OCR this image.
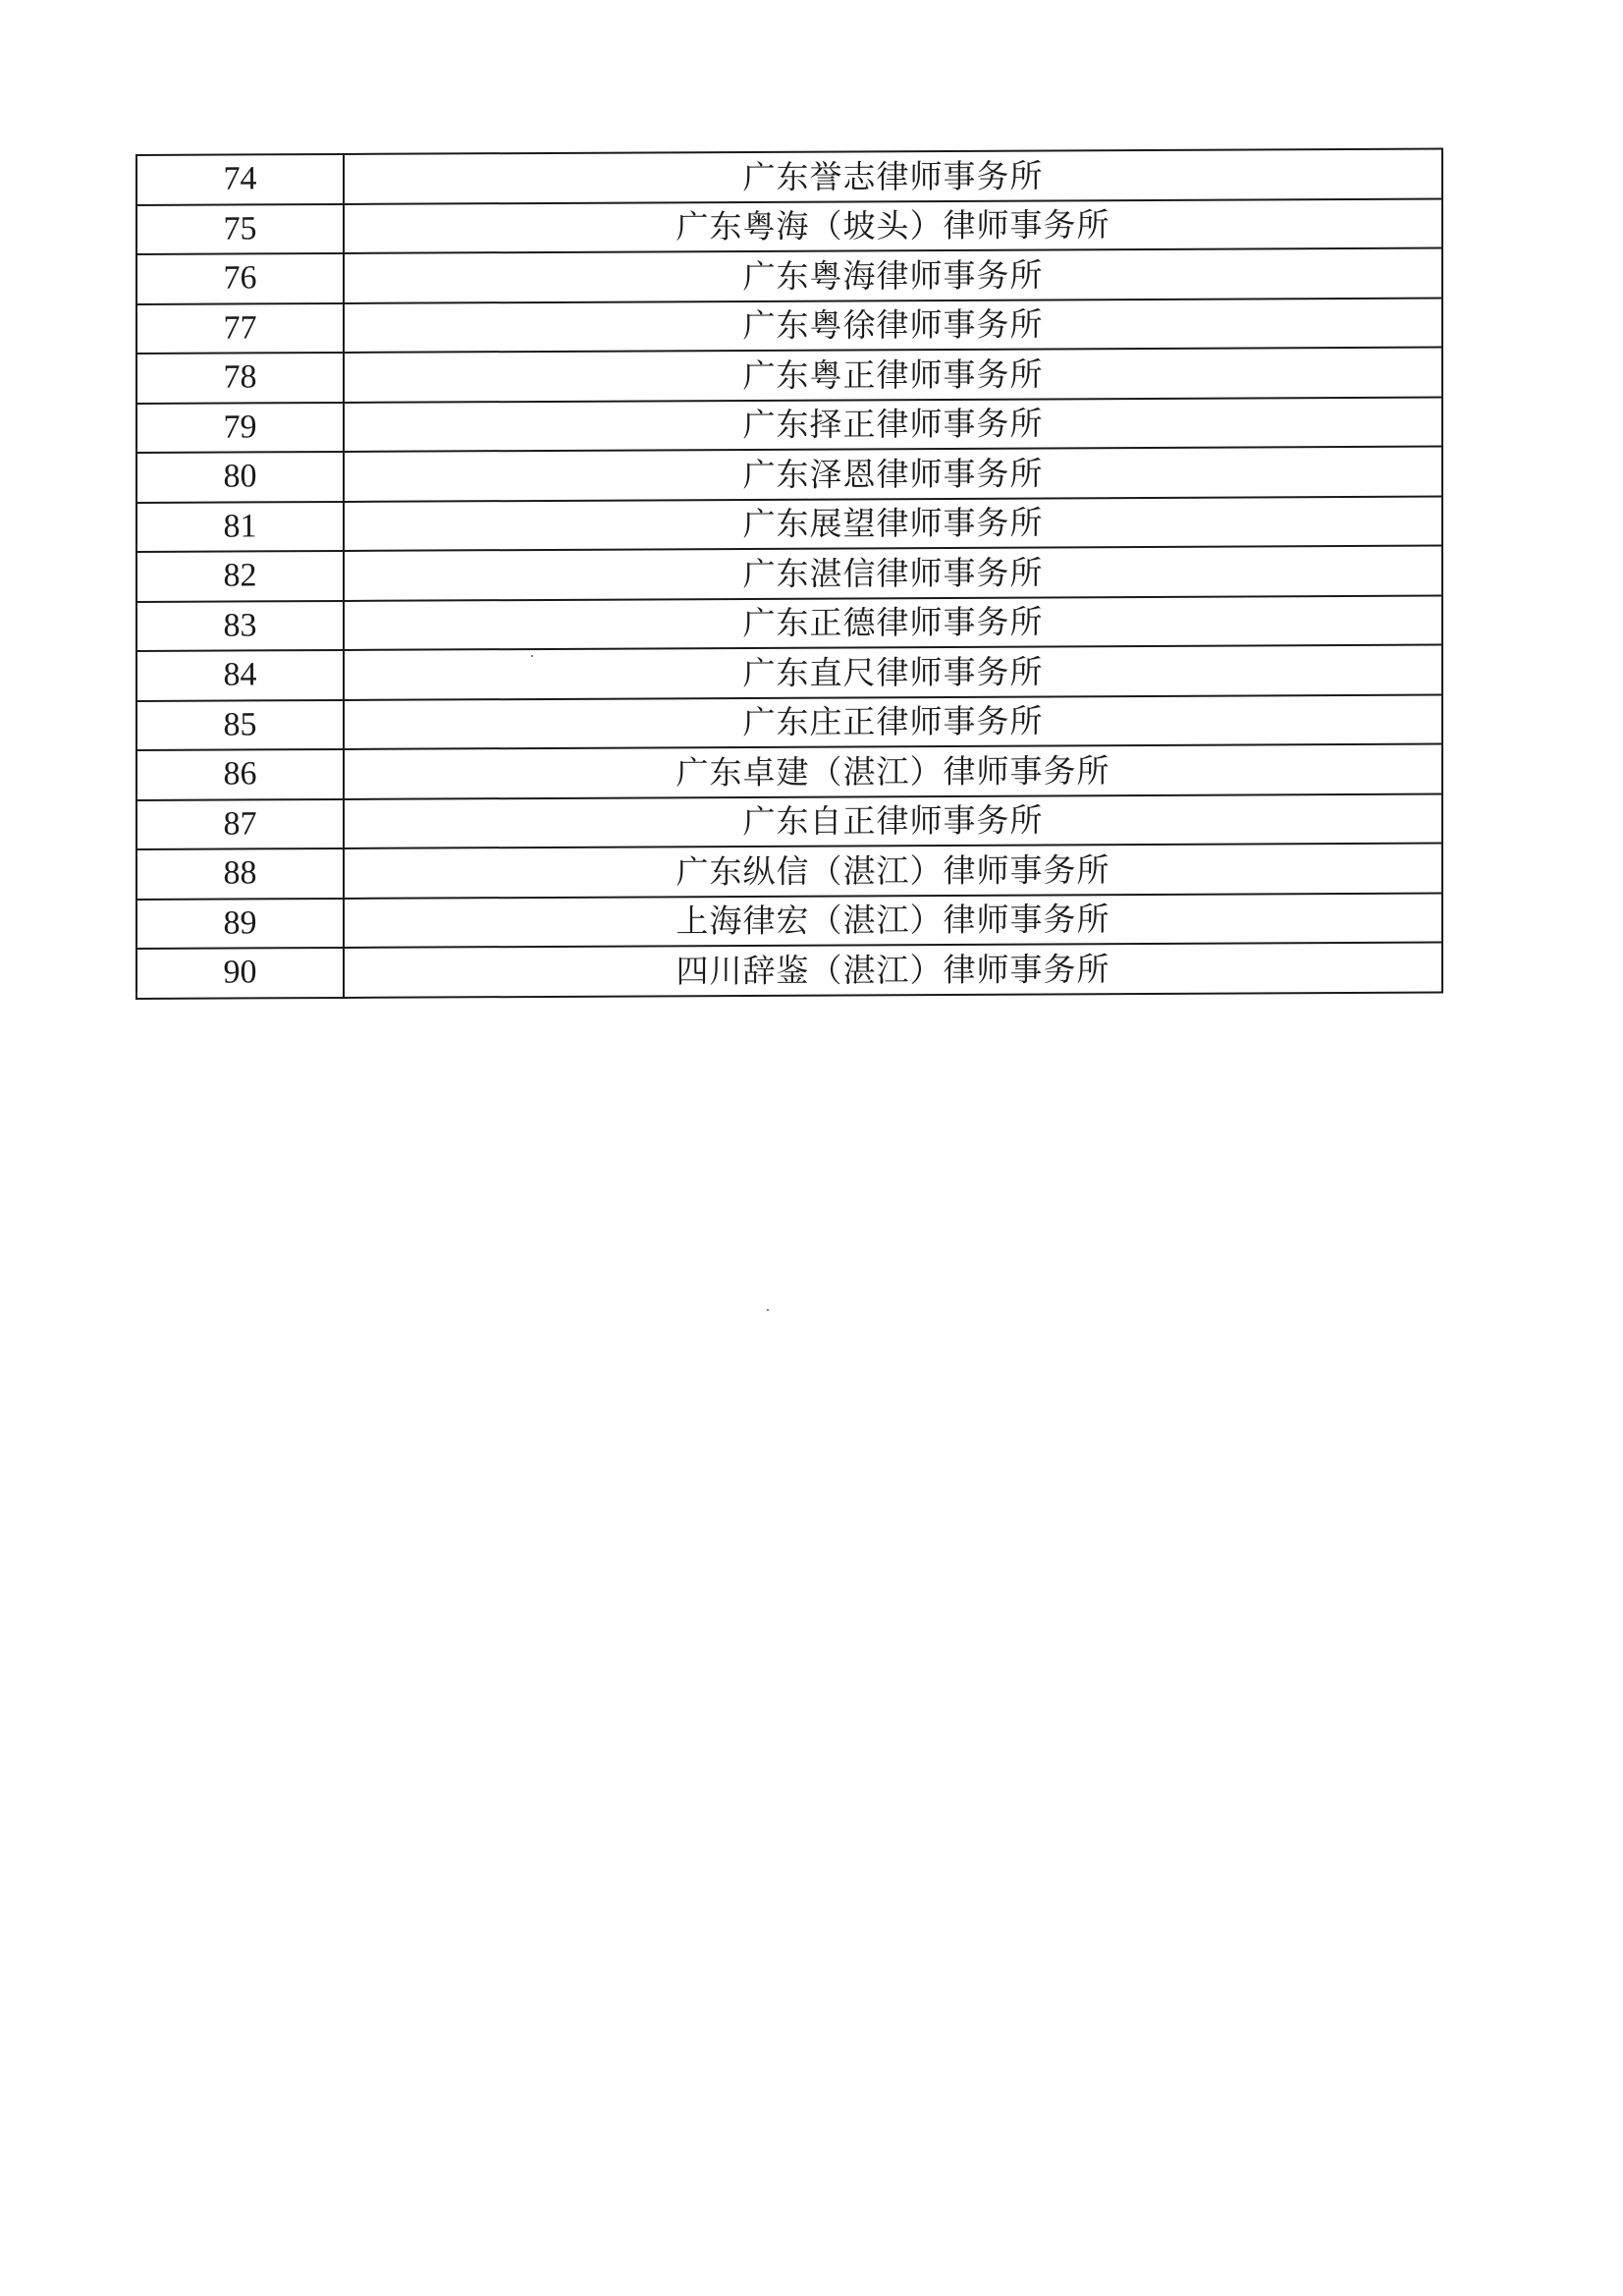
74	广东誉志律师事务所
75	广东粤海（坡头）律师事务所
76	广东粤海律师事务所
77	广东粤徐律师事务所
78	广东粤正律师事务所
79	广东择正律师事务所
80	广东泽恩律师事务所
81	广东展望律师事务所
82	广东湛信律师事务所
83	广东正德律师事务所
84	广东直尺律师事务所
85	广东庄正律师事务所
86	广东卓建（湛江）律师事务所
87	广东自正律师事务所
88	广东纵信（湛江）律师事务所
89	上海律宏（湛江）律师事务所
90	四川辞鉴（湛江）律师事务所
